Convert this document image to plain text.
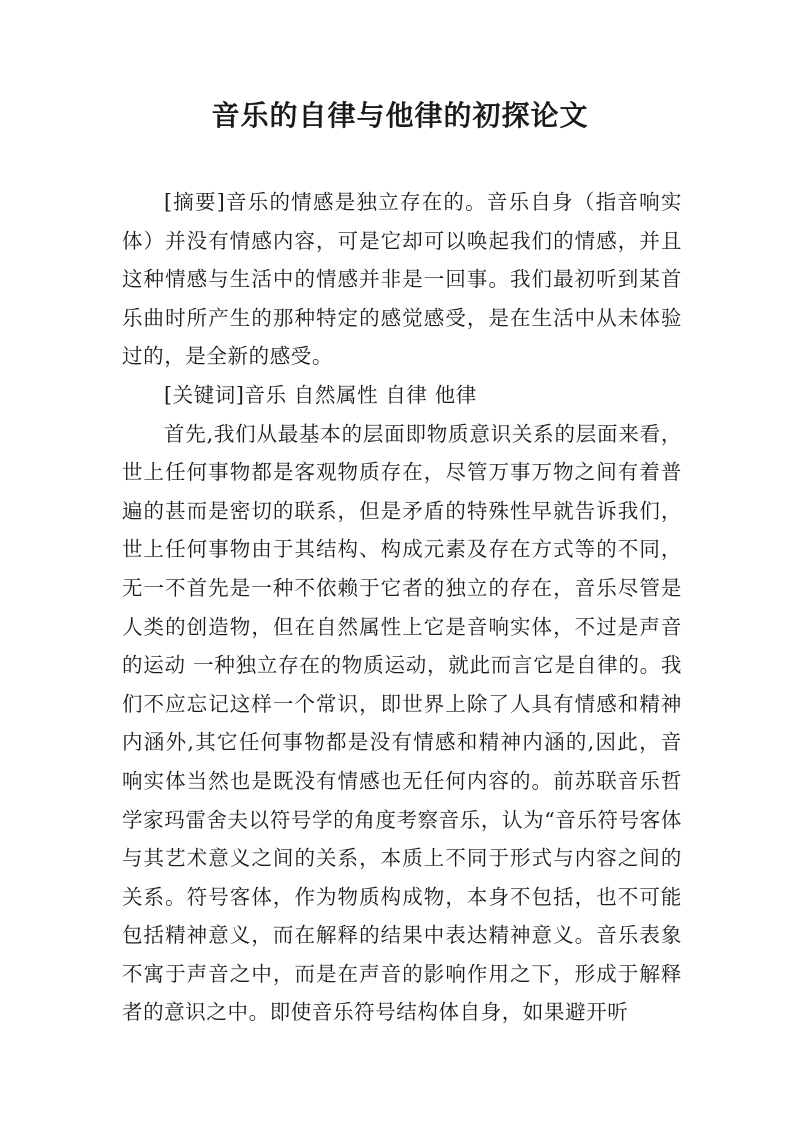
音乐的自律与他律的初探论文

[摘要]音乐的情感是独立存在的。音乐自身（指音响实体）并没有情感内容，可是它却可以唤起我们的情感，并且这种情感与生活中的情感并非是一回事。我们最初听到某首乐曲时所产生的那种特定的感觉感受，是在生活中从未体验过的，是全新的感受。

[关键词]音乐 自然属性 自律 他律

首先,我们从最基本的层面即物质意识关系的层面来看，世上任何事物都是客观物质存在，尽管万事万物之间有着普遍的甚而是密切的联系，但是矛盾的特殊性早就告诉我们，世上任何事物由于其结构、构成元素及存在方式等的不同，无一不首先是一种不依赖于它者的独立的存在，音乐尽管是人类的创造物，但在自然属性上它是音响实体，不过是声音的运动 一种独立存在的物质运动，就此而言它是自律的。我们不应忘记这样一个常识，即世界上除了人具有情感和精神内涵外,其它任何事物都是没有情感和精神内涵的,因此，音响实体当然也是既没有情感也无任何内容的。前苏联音乐哲学家玛雷舍夫以符号学的角度考察音乐，认为“音乐符号客体与其艺术意义之间的关系，本质上不同于形式与内容之间的关系。符号客体，作为物质构成物，本身不包括，也不可能包括精神意义，而在解释的结果中表达精神意义。音乐表象不寓于声音之中，而是在声音的影响作用之下，形成于解释者的意识之中。即使音乐符号结构体自身，如果避开听
